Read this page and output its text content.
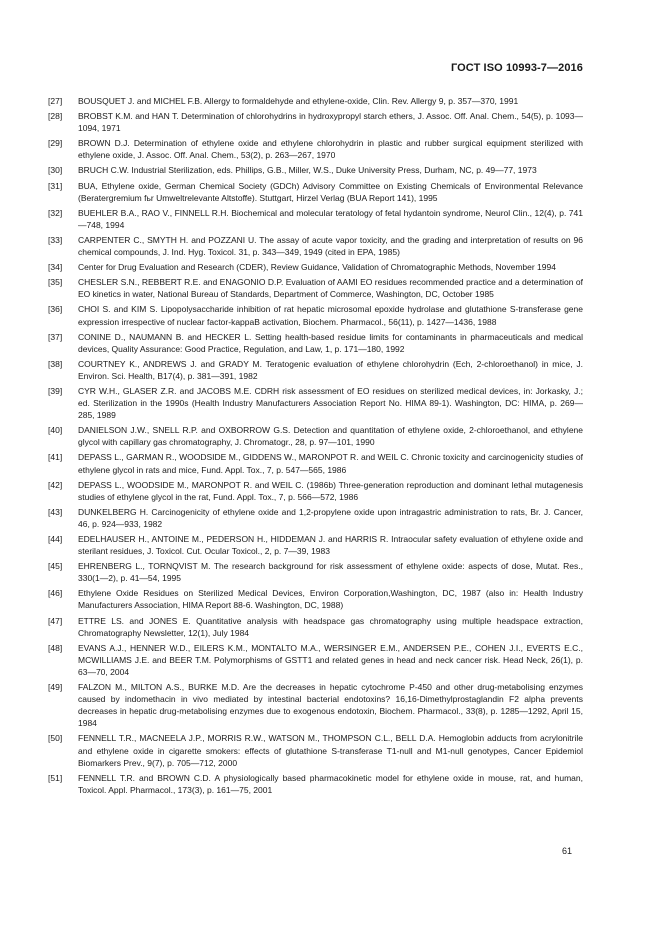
ГОСТ ISO 10993-7—2016
[27]	BOUSQUET J. and MICHEL F.B. Allergy to formaldehyde and ethylene-oxide, Clin. Rev. Allergy 9, p. 357—370, 1991
[28]	BROBST K.M. and HAN T. Determination of chlorohydrins in hydroxypropyl starch ethers, J. Assoc. Off. Anal. Chem., 54(5), p. 1093—1094, 1971
[29]	BROWN D.J. Determination of ethylene oxide and ethylene chlorohydrin in plastic and rubber surgical equipment sterilized with ethylene oxide, J. Assoc. Off. Anal. Chem., 53(2), p. 263—267, 1970
[30]	BRUCH C.W. Industrial Sterilization, eds. Phillips, G.B., Miller, W.S., Duke University Press, Durham, NC, p. 49—77, 1973
[31]	BUA, Ethylene oxide, German Chemical Society (GDCh) Advisory Committee on Existing Chemicals of Environmental Relevance (Beratergremium fьr Umweltrelevante Altstoffe). Stuttgart, Hirzel Verlag (BUA Report 141), 1995
[32]	BUEHLER B.A., RAO V., FINNELL R.H. Biochemical and molecular teratology of fetal hydantoin syndrome, Neurol Clin., 12(4), p. 741—748, 1994
[33]	CARPENTER C., SMYTH H. and POZZANI U. The assay of acute vapor toxicity, and the grading and interpretation of results on 96 chemical compounds, J. Ind. Hyg. Toxicol. 31, p. 343—349, 1949 (cited in EPA, 1985)
[34]	Center for Drug Evaluation and Research (CDER), Review Guidance, Validation of Chromatographic Methods, November 1994
[35]	CHESLER S.N., REBBERT R.E. and ENAGONIO D.P. Evaluation of AAMI EO residues recommended practice and a determination of EO kinetics in water, National Bureau of Standards, Department of Commerce, Washington, DC, October 1985
[36]	CHOI S. and KIM S. Lipopolysaccharide inhibition of rat hepatic microsomal epoxide hydrolase and glutathione S-transferase gene expression irrespective of nuclear factor-kappaB activation, Biochem. Pharmacol., 56(11), p. 1427—1436, 1988
[37]	CONINE D., NAUMANN B. and HECKER L. Setting health-based residue limits for contaminants in pharmaceuticals and medical devices, Quality Assurance: Good Practice, Regulation, and Law, 1, p. 171—180, 1992
[38]	COURTNEY K., ANDREWS J. and GRADY M. Teratogenic evaluation of ethylene chlorohydrin (Ech, 2-chloroethanol) in mice, J. Environ. Sci. Health, B17(4), p. 381—391, 1982
[39]	CYR W.H., GLASER Z.R. and JACOBS M.E. CDRH risk assessment of EO residues on sterilized medical devices, in: Jorkasky, J.; ed. Sterilization in the 1990s (Health Industry Manufacturers Association Report No. HIMA 89-1). Washington, DC: HIMA, p. 269—285, 1989
[40]	DANIELSON J.W., SNELL R.P. and OXBORROW G.S. Detection and quantitation of ethylene oxide, 2-chloroethanol, and ethylene glycol with capillary gas chromatography, J. Chromatogr., 28, p. 97—101, 1990
[41]	DEPASS L., GARMAN R., WOODSIDE M., GIDDENS W., MARONPOT R. and WEIL C. Chronic toxicity and carcinogenicity studies of ethylene glycol in rats and mice, Fund. Appl. Tox., 7, p. 547—565, 1986
[42]	DEPASS L., WOODSIDE M., MARONPOT R. and WEIL C. (1986b) Three-generation reproduction and dominant lethal mutagenesis studies of ethylene glycol in the rat, Fund. Appl. Tox., 7, p. 566—572, 1986
[43]	DUNKELBERG H. Carcinogenicity of ethylene oxide and 1,2-propylene oxide upon intragastric administration to rats, Br. J. Cancer, 46, p. 924—933, 1982
[44]	EDELHAUSER H., ANTOINE M., PEDERSON H., HIDDEMAN J. and HARRIS R. Intraocular safety evaluation of ethylene oxide and sterilant residues, J. Toxicol. Cut. Ocular Toxicol., 2, p. 7—39, 1983
[45]	EHRENBERG L., TORNQVIST M. The research background for risk assessment of ethylene oxide: aspects of dose, Mutat. Res., 330(1—2), p. 41—54, 1995
[46]	Ethylene Oxide Residues on Sterilized Medical Devices, Environ Corporation,Washington, DC, 1987 (also in: Health Industry Manufacturers Association, HIMA Report 88-6. Washington, DC, 1988)
[47]	ETTRE LS. and JONES E. Quantitative analysis with headspace gas chromatography using multiple headspace extraction, Chromatography Newsletter, 12(1), July 1984
[48]	EVANS A.J., HENNER W.D., EILERS K.M., MONTALTO M.A., WERSINGER E.M., ANDERSEN P.E., COHEN J.I., EVERTS E.C., MCWILLIAMS J.E. and BEER T.M. Polymorphisms of GSTT1 and related genes in head and neck cancer risk. Head Neck, 26(1), p. 63—70, 2004
[49]	FALZON M., MILTON A.S., BURKE M.D. Are the decreases in hepatic cytochrome P-450 and other drug-metabolising enzymes caused by indomethacin in vivo mediated by intestinal bacterial endotoxins? 16,16-Dimethylprostaglandin F2 alpha prevents decreases in hepatic drug-metabolising enzymes due to exogenous endotoxin, Biochem. Pharmacol., 33(8), p. 1285—1292, April 15, 1984
[50]	FENNELL T.R., MACNEELA J.P., MORRIS R.W., WATSON M., THOMPSON C.L., BELL D.A. Hemoglobin adducts from acrylonitrile and ethylene oxide in cigarette smokers: effects of glutathione S-transferase T1-null and M1-null genotypes, Cancer Epidemiol Biomarkers Prev., 9(7), p. 705—712, 2000
[51]	FENNELL T.R. and BROWN C.D. A physiologically based pharmacokinetic model for ethylene oxide in mouse, rat, and human, Toxicol. Appl. Pharmacol., 173(3), p. 161—75, 2001
61
